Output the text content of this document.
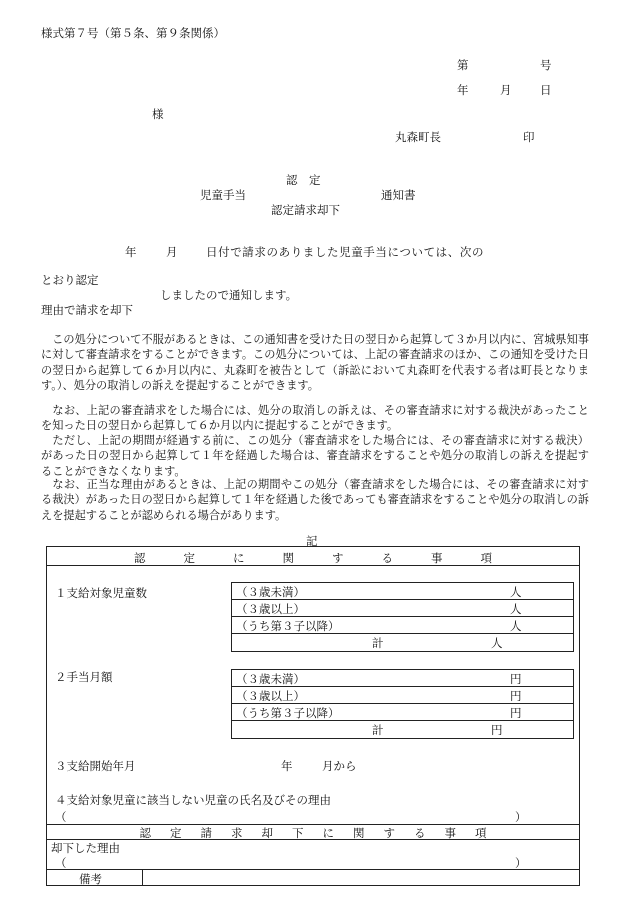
様式第７号（第５条、第９条関係）
第	号
年	月 日
様
丸森町長	印
認　定
児童手当	通知書
認定請求却下
年	月 日付で請求のありました児童手当については、次の
とおり認定
しましたので通知します。
理由で請求を却下
　この処分について不服があるときは、この通知書を受けた日の翌日から起算して３か月以内に、宮城県知事に対して審査請求をすることができます。この処分については、上記の審査請求のほか、この通知を受けた日の翌日から起算して６か月以内に、丸森町を被告として（訴訟において丸森町を代表する者は町長となります。）、処分の取消しの訴えを提起することができます。
　なお、上記の審査請求をした場合には、処分の取消しの訴えは、その審査請求に対する裁決があったことを知った日の翌日から起算して６か月以内に提起することができます。
　ただし、上記の期間が経過する前に、この処分（審査請求をした場合には、その審査請求に対する裁決）があった日の翌日から起算して１年を経過した場合は、審査請求をすることや処分の取消しの訴えを提起することができなくなります。
　なお、正当な理由があるときは、上記の期間やこの処分（審査請求をした場合には、その審査請求に対する裁決）があった日の翌日から起算して１年を経過した後であっても審査請求をすることや処分の取消しの訴えを提起することが認められる場合があります。
記
認	定	に	関	す	る	事	項
１支給対象児童数	（３歳未満）	人
（３歳以上）	人
（うち第３子以降）	人
計	人
２手当月額	（３歳未満）	円
（３歳以上）	円
（うち第３子以降）	円
計	円
３支給開始年月	年	月から
４支給対象児童に該当しない児童の氏名及びその理由
（	）
認 定 請 求 却 下 に 関 す る 事 項
却下した理由
（	）
備考
